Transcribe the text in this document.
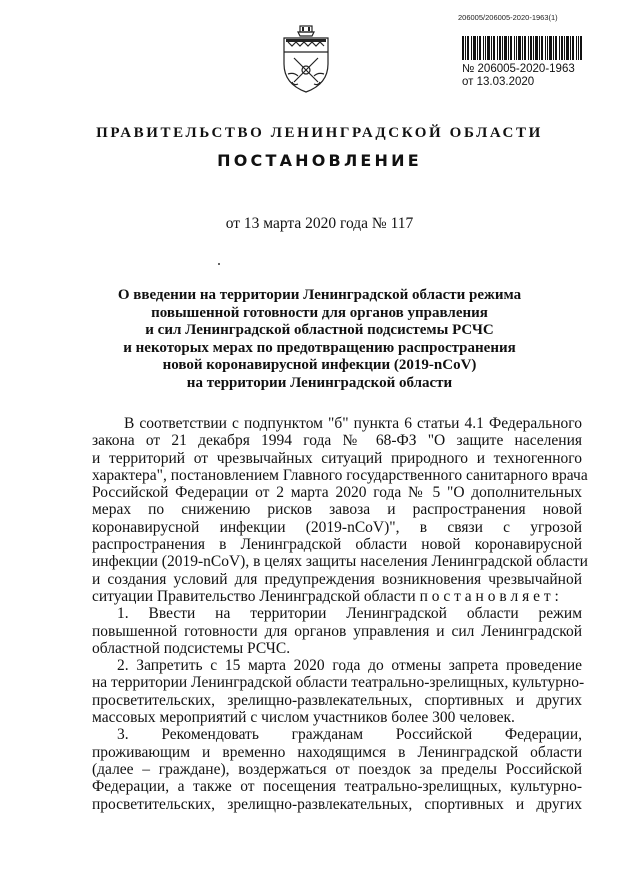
206005/206005-2020-1963(1)
№ 206005-2020-1963
от 13.03.2020
ПРАВИТЕЛЬСТВО ЛЕНИНГРАДСКОЙ ОБЛАСТИ
ПОСТАНОВЛЕНИЕ
от 13 марта 2020 года № 117
О введении на территории Ленинградской области режима
повышенной готовности для органов управления
и сил Ленинградской областной подсистемы РСЧС
и некоторых мерах по предотвращению распространения
новой коронавирусной инфекции (2019-nCoV)
на территории Ленинградской области
В соответствии с подпунктом "б" пункта 6 статьи 4.1 Федерального
закона от 21 декабря 1994 года № 68-ФЗ "О защите населения
и территорий от чрезвычайных ситуаций природного и техногенного
характера", постановлением Главного государственного санитарного врача
Российской Федерации от 2 марта 2020 года № 5 "О дополнительных
мерах по снижению рисков завоза и распространения новой
коронавирусной инфекции (2019-nCoV)", в связи с угрозой
распространения в Ленинградской области новой коронавирусной
инфекции (2019-nCoV), в целях защиты населения Ленинградской области
и создания условий для предупреждения возникновения чрезвычайной
ситуации Правительство Ленинградской области п о с т а н о в л я е т :
1. Ввести на территории Ленинградской области режим
повышенной готовности для органов управления и сил Ленинградской
областной подсистемы РСЧС.
2. Запретить с 15 марта 2020 года до отмены запрета проведение
на территории Ленинградской области театрально-зрелищных, культурно-
просветительских, зрелищно-развлекательных, спортивных и других
массовых мероприятий с числом участников более 300 человек.
3. Рекомендовать гражданам Российской Федерации,
проживающим и временно находящимся в Ленинградской области
(далее – граждане), воздержаться от поездок за пределы Российской
Федерации, а также от посещения театрально-зрелищных, культурно-
просветительских, зрелищно-развлекательных, спортивных и других
